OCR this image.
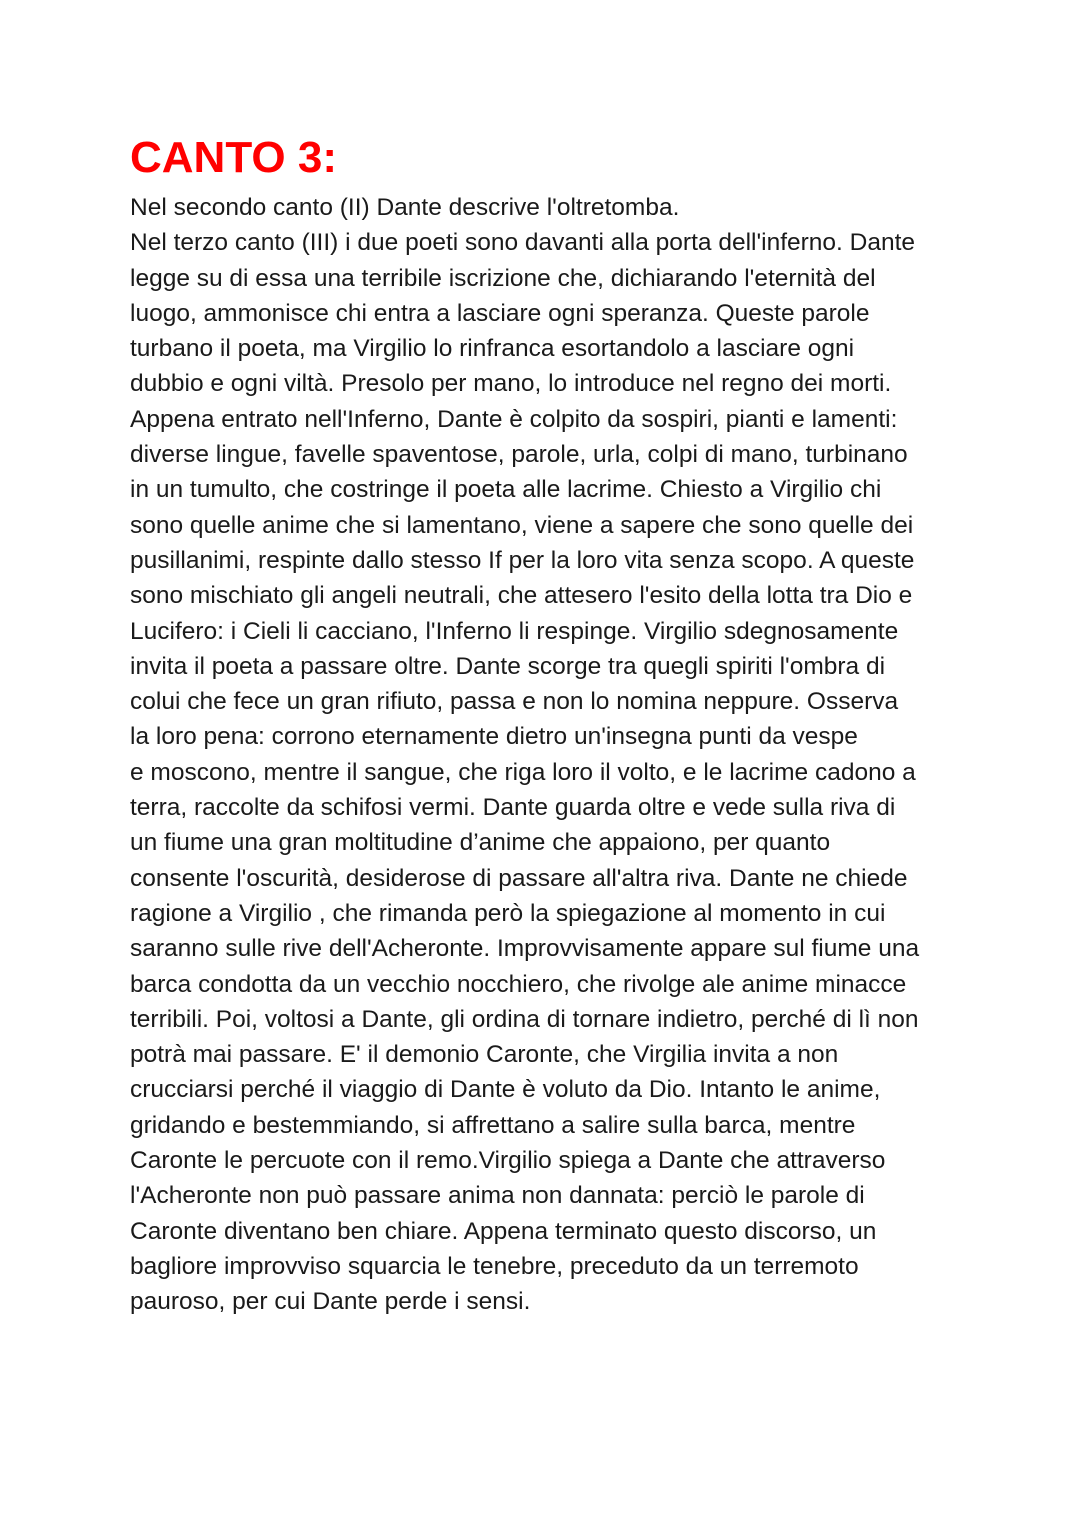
CANTO 3:
Nel secondo canto (II) Dante descrive l'oltretomba.
Nel terzo canto (III) i due poeti sono davanti alla porta dell'inferno. Dante
legge su di essa una terribile iscrizione che, dichiarando l'eternità del
luogo, ammonisce chi entra a lasciare ogni speranza. Queste parole
turbano il poeta, ma Virgilio lo rinfranca esortandolo a lasciare ogni
dubbio e ogni viltà. Presolo per mano, lo introduce nel regno dei morti.
Appena entrato nell'Inferno, Dante è colpito da sospiri, pianti e lamenti:
diverse lingue, favelle spaventose, parole, urla, colpi di mano, turbinano
in un tumulto, che costringe il poeta alle lacrime. Chiesto a Virgilio chi
sono quelle anime che si lamentano, viene a sapere che sono quelle dei
pusillanimi, respinte dallo stesso If per la loro vita senza scopo. A queste
sono mischiato gli angeli neutrali, che attesero l'esito della lotta tra Dio e
Lucifero: i Cieli li cacciano, l'Inferno li respinge. Virgilio sdegnosamente
invita il poeta a passare oltre. Dante scorge tra quegli spiriti l'ombra di
colui che fece un gran rifiuto, passa e non lo nomina neppure. Osserva
la loro pena: corrono eternamente dietro un'insegna punti da vespe
e moscono, mentre il sangue, che riga loro il volto, e le lacrime cadono a
terra, raccolte da schifosi vermi. Dante guarda oltre e vede sulla riva di
un fiume una gran moltitudine d’anime che appaiono, per quanto
consente l'oscurità, desiderose di passare all'altra riva. Dante ne chiede
ragione a Virgilio , che rimanda però la spiegazione al momento in cui
saranno sulle rive dell'Acheronte. Improvvisamente appare sul fiume una
barca condotta da un vecchio nocchiero, che rivolge ale anime minacce
terribili. Poi, voltosi a Dante, gli ordina di tornare indietro, perché di lì non
potrà mai passare. E' il demonio Caronte, che Virgilia invita a non
crucciarsi perché il viaggio di Dante è voluto da Dio. Intanto le anime,
gridando e bestemmiando, si affrettano a salire sulla barca, mentre
Caronte le percuote con il remo.Virgilio spiega a Dante che attraverso
l'Acheronte non può passare anima non dannata: perciò le parole di
Caronte diventano ben chiare. Appena terminato questo discorso, un
bagliore improvviso squarcia le tenebre, preceduto da un terremoto
pauroso, per cui Dante perde i sensi.
